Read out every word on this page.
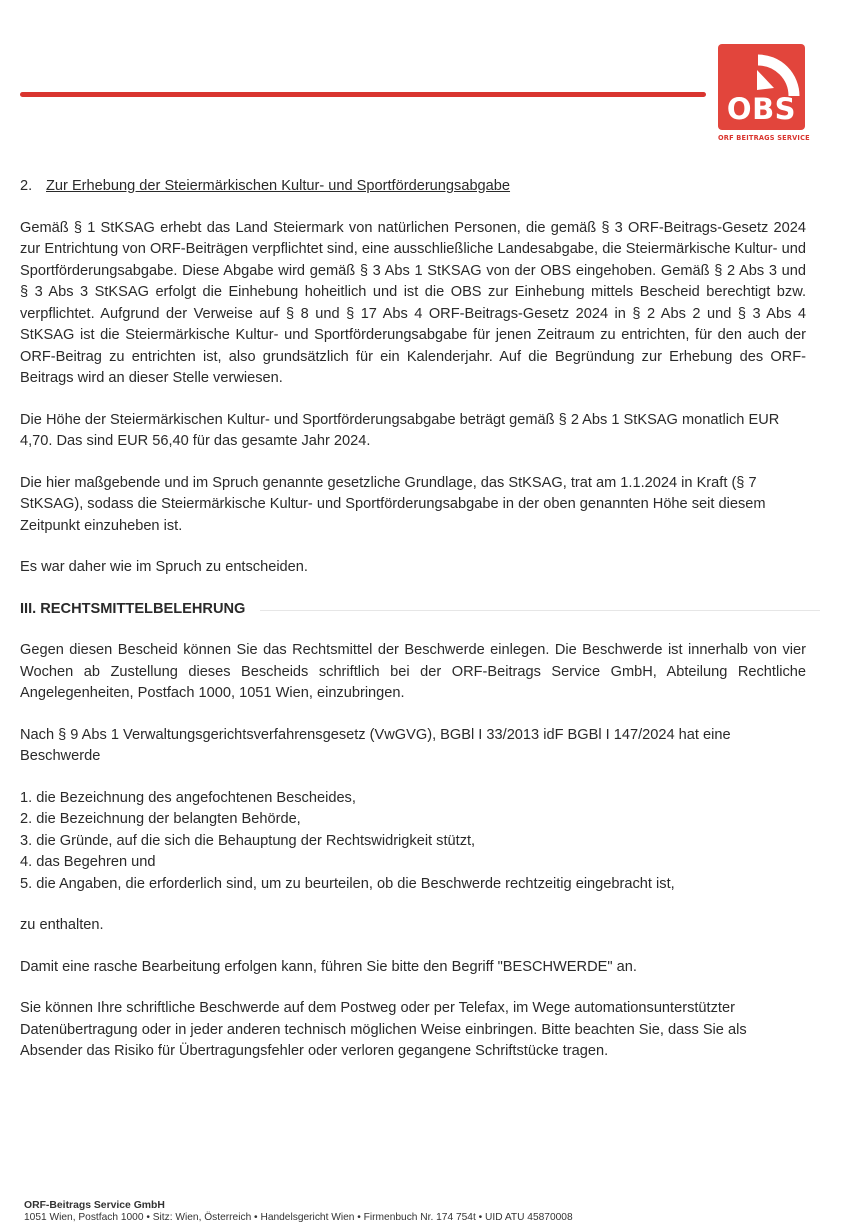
OBS
ORF BEITRAGS SERVICE

2. Zur Erhebung der Steiermärkischen Kultur- und Sportförderungsabgabe

Gemäß § 1 StKSAG erhebt das Land Steiermark von natürlichen Personen, die gemäß § 3 ORF-Beitrags-Gesetz 2024 zur Entrichtung von ORF-Beiträgen verpflichtet sind, eine ausschließliche Landesabgabe, die Steiermärkische Kultur- und Sportförderungsabgabe. Diese Abgabe wird gemäß § 3 Abs 1 StKSAG von der OBS eingehoben. Gemäß § 2 Abs 3 und § 3 Abs 3 StKSAG erfolgt die Einhebung hoheitlich und ist die OBS zur Einhebung mittels Bescheid berechtigt bzw. verpflichtet. Aufgrund der Verweise auf § 8 und § 17 Abs 4 ORF-Beitrags-Gesetz 2024 in § 2 Abs 2 und § 3 Abs 4 StKSAG ist die Steiermärkische Kultur- und Sportförderungsabgabe für jenen Zeitraum zu entrichten, für den auch der ORF-Beitrag zu entrichten ist, also grundsätzlich für ein Kalenderjahr. Auf die Begründung zur Erhebung des ORF-Beitrags wird an dieser Stelle verwiesen.

Die Höhe der Steiermärkischen Kultur- und Sportförderungsabgabe beträgt gemäß § 2 Abs 1 StKSAG monatlich EUR 4,70. Das sind EUR 56,40 für das gesamte Jahr 2024.

Die hier maßgebende und im Spruch genannte gesetzliche Grundlage, das StKSAG, trat am 1.1.2024 in Kraft (§ 7 StKSAG), sodass die Steiermärkische Kultur- und Sportförderungsabgabe in der oben genannten Höhe seit diesem Zeitpunkt einzuheben ist.

Es war daher wie im Spruch zu entscheiden.

III. RECHTSMITTELBELEHRUNG

Gegen diesen Bescheid können Sie das Rechtsmittel der Beschwerde einlegen. Die Beschwerde ist innerhalb von vier Wochen ab Zustellung dieses Bescheids schriftlich bei der ORF-Beitrags Service GmbH, Abteilung Rechtliche Angelegenheiten, Postfach 1000, 1051 Wien, einzubringen.

Nach § 9 Abs 1 Verwaltungsgerichtsverfahrensgesetz (VwGVG), BGBl I 33/2013 idF BGBl I 147/2024 hat eine Beschwerde

1. die Bezeichnung des angefochtenen Bescheides,
2. die Bezeichnung der belangten Behörde,
3. die Gründe, auf die sich die Behauptung der Rechtswidrigkeit stützt,
4. das Begehren und
5. die Angaben, die erforderlich sind, um zu beurteilen, ob die Beschwerde rechtzeitig eingebracht ist,

zu enthalten.

Damit eine rasche Bearbeitung erfolgen kann, führen Sie bitte den Begriff "BESCHWERDE" an.

Sie können Ihre schriftliche Beschwerde auf dem Postweg oder per Telefax, im Wege automationsunterstützter Datenübertragung oder in jeder anderen technisch möglichen Weise einbringen. Bitte beachten Sie, dass Sie als Absender das Risiko für Übertragungsfehler oder verloren gegangene Schriftstücke tragen.

ORF-Beitrags Service GmbH
1051 Wien, Postfach 1000 • Sitz: Wien, Österreich • Handelsgericht Wien • Firmenbuch Nr. 174 754t • UID ATU 45870008
